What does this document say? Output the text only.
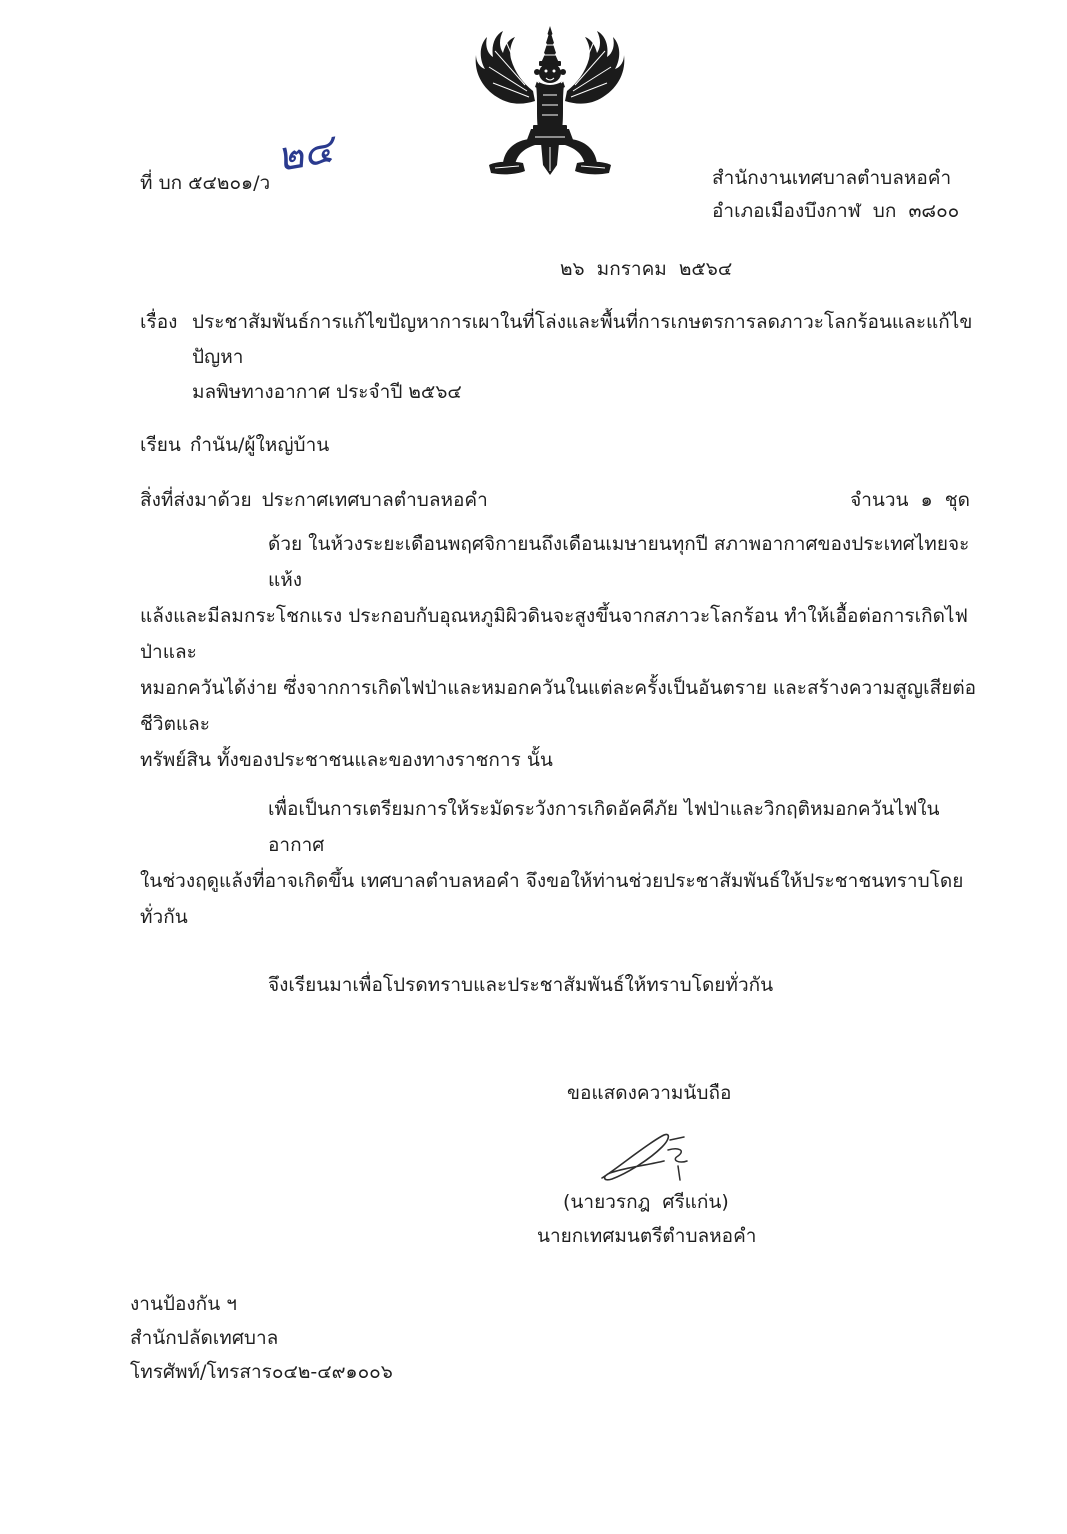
ที่ บก ๕๔๒๐๑/ว
๒๔	สำนักงานเทศบาลตำบลหอคำ
อำเภอเมืองบึงกาฬ  บก  ๓๘๐๐
๒๖  มกราคม  ๒๕๖๔
เรื่อง ประชาสัมพันธ์การแก้ไขปัญหาการเผาในที่โล่งและพื้นที่การเกษตรการลดภาวะโลกร้อนและแก้ไขปัญหา
มลพิษทางอากาศ ประจำปี ๒๕๖๔
เรียน กำนัน/ผู้ใหญ่บ้าน
สิ่งที่ส่งมาด้วย ประกาศเทศบาลตำบลหอคำ	จำนวน  ๑  ชุด
ด้วย ในห้วงระยะเดือนพฤศจิกายนถึงเดือนเมษายนทุกปี สภาพอากาศของประเทศไทยจะแห้ง
แล้งและมีลมกระโชกแรง ประกอบกับอุณหภูมิผิวดินจะสูงขึ้นจากสภาวะโลกร้อน ทำให้เอื้อต่อการเกิดไฟป่าและ
หมอกควันได้ง่าย ซึ่งจากการเกิดไฟป่าและหมอกควันในแต่ละครั้งเป็นอันตราย และสร้างความสูญเสียต่อชีวิตและ
ทรัพย์สิน ทั้งของประชาชนและของทางราชการ นั้น
เพื่อเป็นการเตรียมการให้ระมัดระวังการเกิดอัคคีภัย ไฟป่าและวิกฤติหมอกควันไฟในอากาศ
ในช่วงฤดูแล้งที่อาจเกิดขึ้น เทศบาลตำบลหอคำ จึงขอให้ท่านช่วยประชาสัมพันธ์ให้ประชาชนทราบโดยทั่วกัน
จึงเรียนมาเพื่อโปรดทราบและประชาสัมพันธ์ให้ทราบโดยทั่วกัน
ขอแสดงความนับถือ
(นายวรกฎ  ศรีแก่น)
นายกเทศมนตรีตำบลหอคำ
งานป้องกัน ฯ
สำนักปลัดเทศบาล
โทรศัพท์/โทรสาร๐๔๒-๔๙๑๐๐๖
